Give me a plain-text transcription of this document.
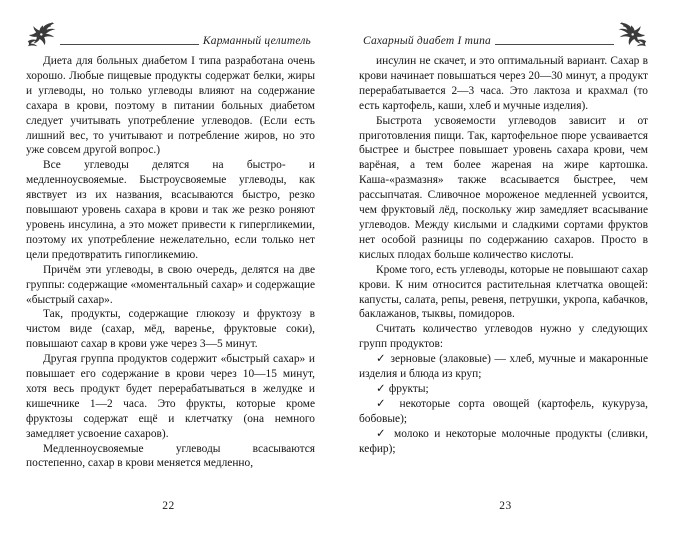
Карманный целитель

Диета для больных диабетом I типа разработана очень хорошо. Любые пищевые продукты содержат белки, жиры и углеводы, но только углеводы влияют на содержание сахара в крови, поэтому в питании больных диабетом следует учитывать употребление углеводов. (Если есть лишний вес, то учитывают и потребление жиров, но это уже совсем другой вопрос.)

Все углеводы делятся на быстро- и медленноусвояемые. Быстроусвояемые углеводы, как явствует из их названия, всасываются быстро, резко повышают уровень сахара в крови и так же резко роняют уровень инсулина, а это может привести к гипергликемии, поэтому их употребление нежелательно, если только нет цели предотвратить гипогликемию.

Причём эти углеводы, в свою очередь, делятся на две группы: содержащие «моментальный сахар» и содержащие «быстрый сахар».

Так, продукты, содержащие глюкозу и фруктозу в чистом виде (сахар, мёд, варенье, фруктовые соки), повышают сахар в крови уже через 3—5 минут.

Другая группа продуктов содержит «быстрый сахар» и повышает его содержание в крови через 10—15 минут, хотя весь продукт будет перерабатываться в желудке и кишечнике 1—2 часа. Это фрукты, которые кроме фруктозы содержат ещё и клетчатку (она немного замедляет усвоение сахаров).

Медленноусвояемые углеводы всасываются постепенно, сахар в крови меняется медленно,

22
Сахарный диабет I типа

инсулин не скачет, и это оптимальный вариант. Сахар в крови начинает повышаться через 20—30 минут, а продукт перерабатывается 2—3 часа. Это лактоза и крахмал (то есть картофель, каши, хлеб и мучные изделия).

Быстрота усвояемости углеводов зависит и от приготовления пищи. Так, картофельное пюре усваивается быстрее и быстрее повышает уровень сахара крови, чем варёная, а тем более жареная на жире картошка. Каша-«размазня» также всасывается быстрее, чем рассыпчатая. Сливочное мороженое медленней усвоится, чем фруктовый лёд, поскольку жир замедляет всасывание углеводов. Между кислыми и сладкими сортами фруктов нет особой разницы по содержанию сахаров. Просто в кислых плодах больше количество кислоты.

Кроме того, есть углеводы, которые не повышают сахар крови. К ним относится растительная клетчатка овощей: капусты, салата, репы, ревеня, петрушки, укропа, кабачков, баклажанов, тыквы, помидоров.

Считать количество углеводов нужно у следующих групп продуктов:

✓ зерновые (злаковые) — хлеб, мучные и макаронные изделия и блюда из круп;

✓ фрукты;

✓ некоторые сорта овощей (картофель, кукуруза, бобовые);

✓ молоко и некоторые молочные продукты (сливки, кефир);

23
